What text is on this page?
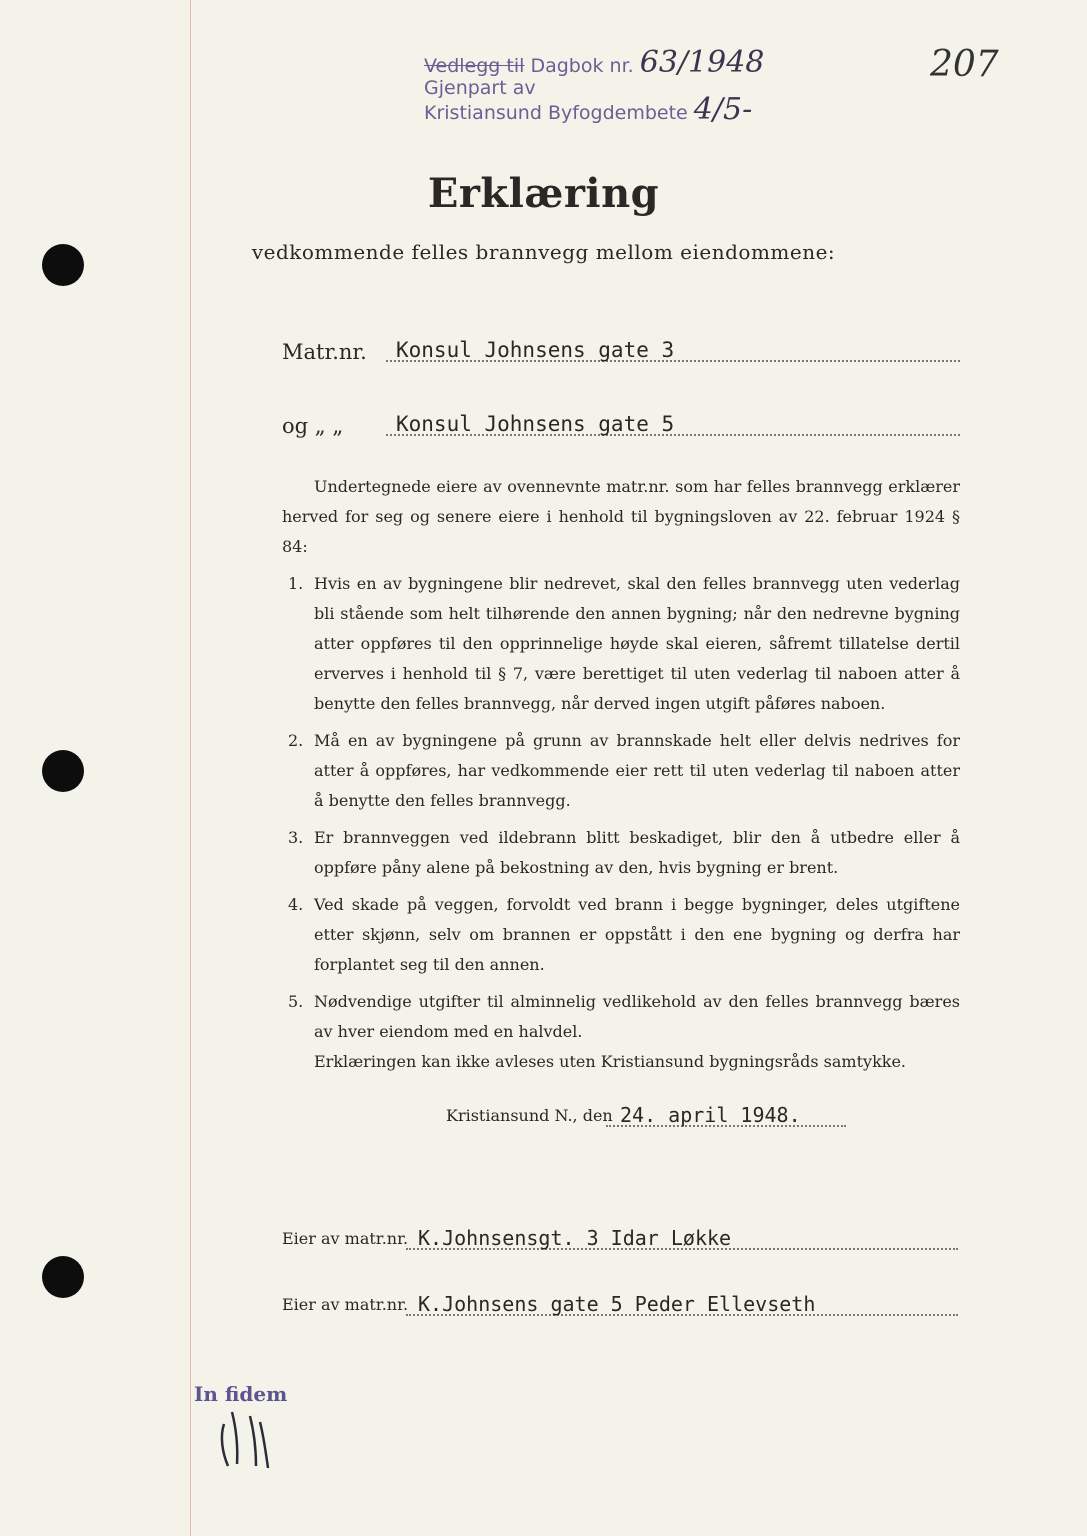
Vedlegg til Dagbok nr. 63/1948
Gjenpart av
Kristiansund Byfogdembete 4/5-
207
Erklæring
vedkommende felles brannvegg mellom eiendommene:
Matr.nr. Konsul Johnsens gate 3
og „ „	Konsul Johnsens gate 5

Undertegnede eiere av ovennevnte matr.nr. som har felles brannvegg erklærer herved for seg og senere eiere i henhold til bygningsloven av 22. februar 1924 § 84:

1. Hvis en av bygningene blir nedrevet, skal den felles brannvegg uten vederlag bli stående som helt tilhørende den annen bygning; når den nedrevne bygning atter oppføres til den opprinnelige høyde skal eieren, såfremt tillatelse dertil erverves i henhold til § 7, være berettiget til uten vederlag til naboen atter å benytte den felles brannvegg, når derved ingen utgift påføres naboen.
2. Må en av bygningene på grunn av brannskade helt eller delvis nedrives for atter å oppføres, har vedkommende eier rett til uten vederlag til naboen atter å benytte den felles brannvegg.
3. Er brannveggen ved ildebrann blitt beskadiget, blir den å utbedre eller å oppføre påny alene på bekostning av den, hvis bygning er brent.
4. Ved skade på veggen, forvoldt ved brann i begge bygninger, deles utgiftene etter skjønn, selv om brannen er oppstått i den ene bygning og derfra har forplantet seg til den annen.
5. Nødvendige utgifter til alminnelig vedlikehold av den felles brannvegg bæres av hver eiendom med en halvdel.
Erklæringen kan ikke avleses uten Kristiansund bygningsråds samtykke.
Kristiansund N., den 24. april 1948.
Eier av matr.nr. K.Johnsensgt. 3 Idar Løkke
Eier av matr.nr. K.Johnsens gate 5 Peder Ellevseth
In fidem
